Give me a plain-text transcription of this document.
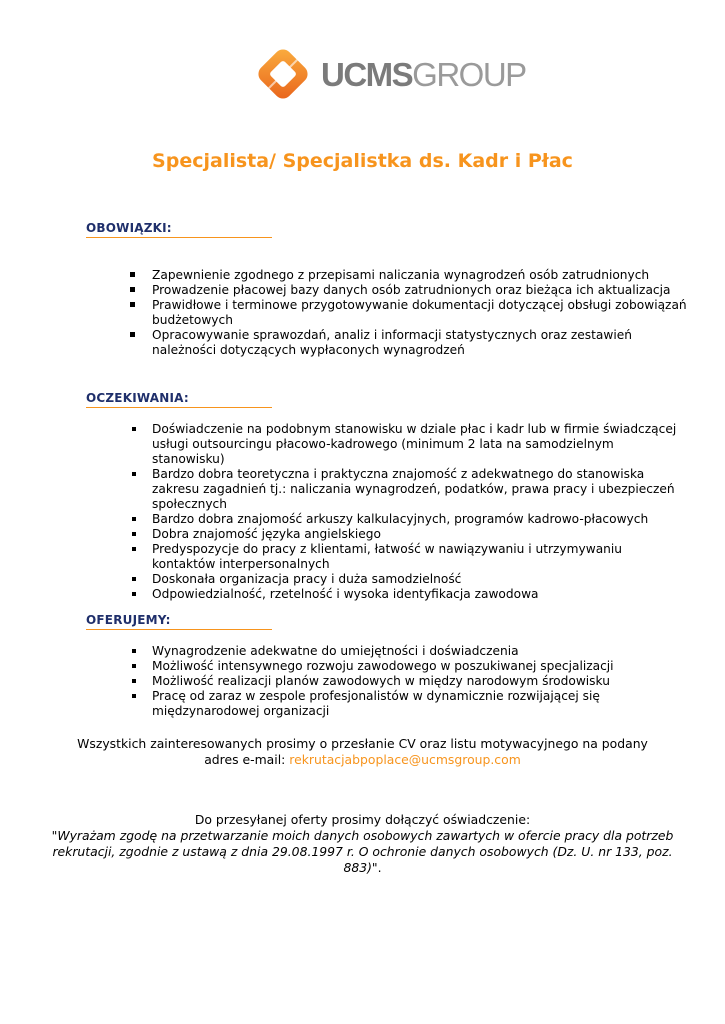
UCMSGROUP
Specjalista/ Specjalistka ds. Kadr i Płac
OBOWIĄZKI:
Zapewnienie zgodnego z przepisami naliczania wynagrodzeń osób zatrudnionych
Prowadzenie płacowej bazy danych osób zatrudnionych oraz bieżąca ich aktualizacja
Prawidłowe i terminowe przygotowywanie dokumentacji dotyczącej obsługi zobowiązań budżetowych
Opracowywanie sprawozdań, analiz i informacji statystycznych oraz zestawień należności dotyczących wypłaconych wynagrodzeń
OCZEKIWANIA:
Doświadczenie na podobnym stanowisku w dziale płac i kadr lub w firmie świadczącej usługi outsourcingu płacowo-kadrowego (minimum 2 lata na samodzielnym stanowisku)
Bardzo dobra teoretyczna i praktyczna znajomość z adekwatnego do stanowiska zakresu zagadnień tj.: naliczania wynagrodzeń, podatków, prawa pracy i ubezpieczeń społecznych
Bardzo dobra znajomość arkuszy kalkulacyjnych, programów kadrowo-płacowych
Dobra znajomość języka angielskiego
Predyspozycje do pracy z klientami, łatwość w nawiązywaniu i utrzymywaniu kontaktów interpersonalnych
Doskonała organizacja pracy i duża samodzielność
Odpowiedzialność, rzetelność i wysoka identyfikacja zawodowa
OFERUJEMY:
Wynagrodzenie adekwatne do umiejętności i doświadczenia
Możliwość intensywnego rozwoju zawodowego w poszukiwanej specjalizacji
Możliwość realizacji planów zawodowych w między narodowym środowisku
Pracę od zaraz w zespole profesjonalistów w dynamicznie rozwijającej się międzynarodowej organizacji
Wszystkich zainteresowanych prosimy o przesłanie CV oraz listu motywacyjnego na podany adres e-mail: rekrutacjabpoplace@ucmsgroup.com
Do przesyłanej oferty prosimy dołączyć oświadczenie:
"Wyrażam zgodę na przetwarzanie moich danych osobowych zawartych w ofercie pracy dla potrzeb rekrutacji, zgodnie z ustawą z dnia 29.08.1997 r. O ochronie danych osobowych (Dz. U. nr 133, poz. 883)".
